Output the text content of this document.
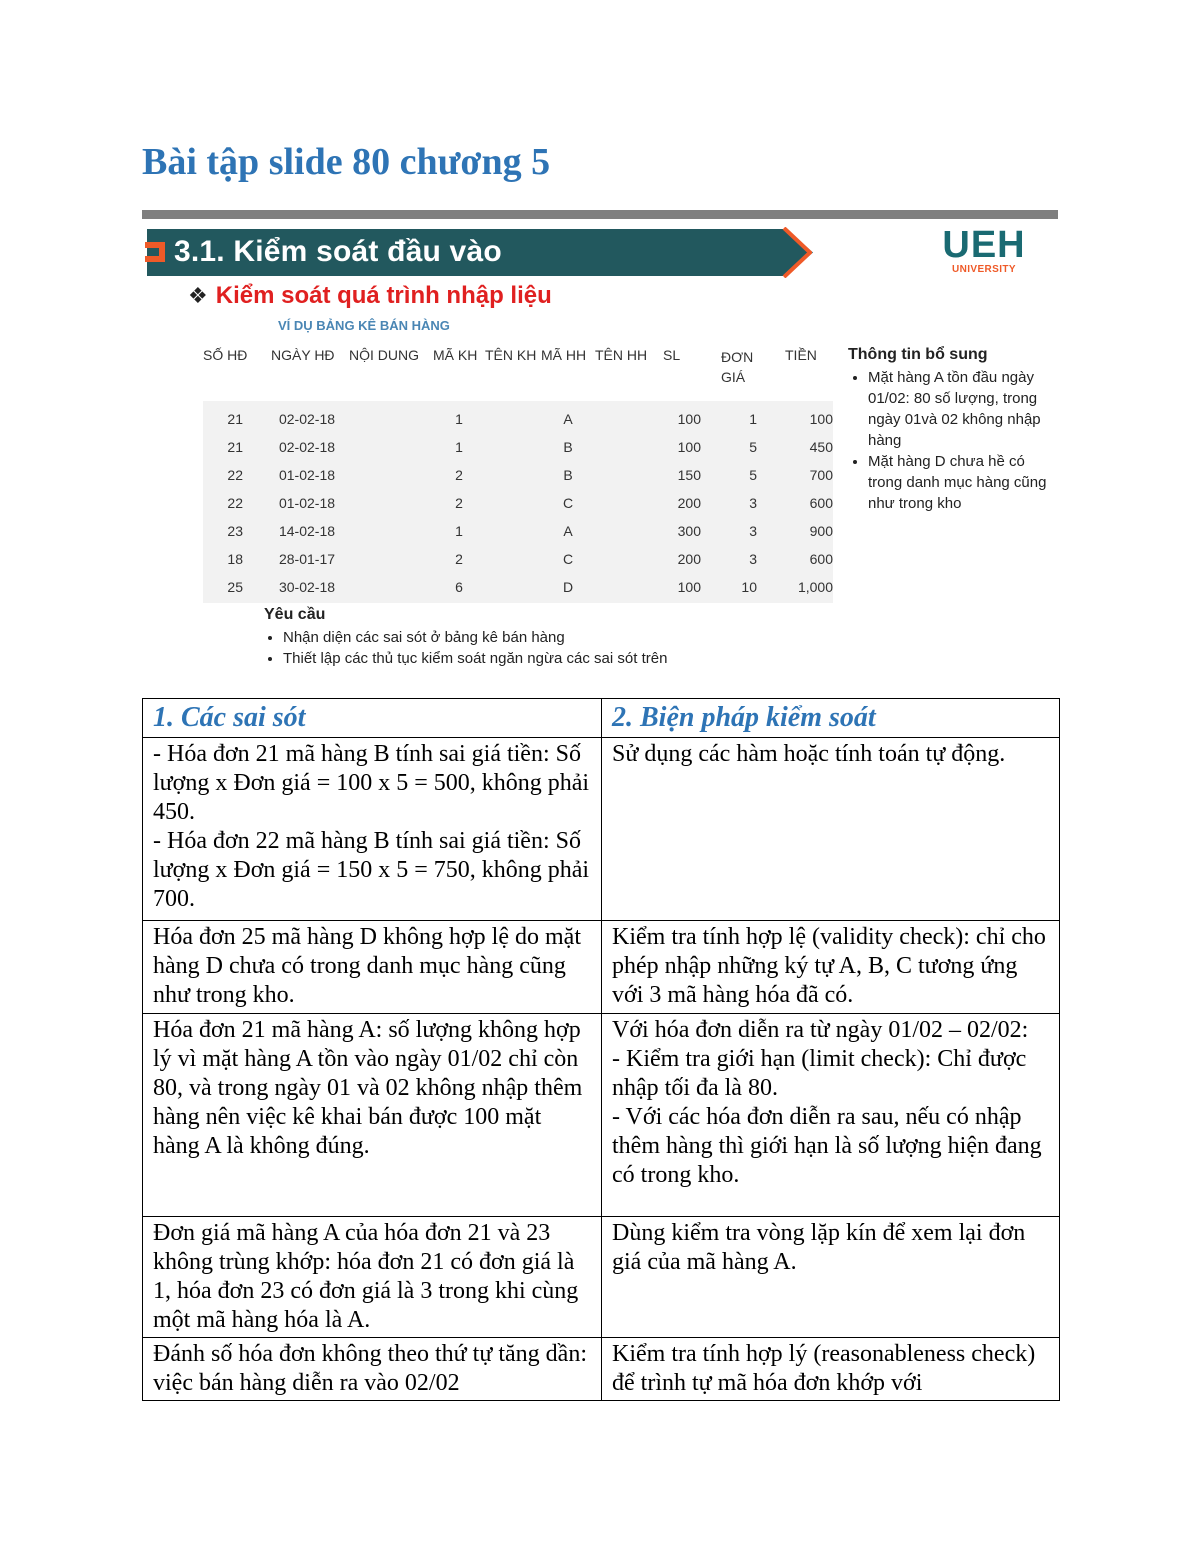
Bài tập slide 80 chương 5
3.1. Kiểm soát đầu vào	UEH
UNIVERSITY
❖ Kiểm soát quá trình nhập liệu
VÍ DỤ BẢNG KÊ BÁN HÀNG
SỐ HĐ	NGÀY HĐ	NỘI DUNG	MÃ KH	TÊN KH	MÃ HH	TÊN HH	SL	ĐƠN GIÁ	TIỀN
21	02-02-18		1		A		100	1	100
21	02-02-18		1		B		100	5	450
22	01-02-18		2		B		150	5	700
22	01-02-18		2		C		200	3	600
23	14-02-18		1		A		300	3	900
18	28-01-17		2		C		200	3	600
25	30-02-18		6		D		100	10	1,000
Thông tin bổ sung
• Mặt hàng A tồn đầu ngày 01/02: 80 số lượng, trong ngày 01và 02 không nhập hàng
• Mặt hàng D chưa hề có trong danh mục hàng cũng như trong kho
Yêu cầu
• Nhận diện các sai sót ở bảng kê bán hàng
• Thiết lập các thủ tục kiểm soát ngăn ngừa các sai sót trên
1. Các sai sót	2. Biện pháp kiểm soát

- Hóa đơn 21 mã hàng B tính sai giá tiền: Số lượng x Đơn giá = 100 x 5 = 500, không phải 450.
- Hóa đơn 22 mã hàng B tính sai giá tiền: Số lượng x Đơn giá = 150 x 5 = 750, không phải 700.	Sử dụng các hàm hoặc tính toán tự động.

Hóa đơn 25 mã hàng D không hợp lệ do mặt hàng D chưa có trong danh mục hàng cũng như trong kho.	Kiểm tra tính hợp lệ (validity check): chỉ cho phép nhập những ký tự A, B, C tương ứng với 3 mã hàng hóa đã có.

Hóa đơn 21 mã hàng A: số lượng không hợp lý vì mặt hàng A tồn vào ngày 01/02 chỉ còn 80, và trong ngày 01 và 02 không nhập thêm hàng nên việc kê khai bán được 100 mặt hàng A là không đúng.	Với hóa đơn diễn ra từ ngày 01/02 – 02/02:
- Kiểm tra giới hạn (limit check): Chỉ được nhập tối đa là 80.
- Với các hóa đơn diễn ra sau, nếu có nhập thêm hàng thì giới hạn là số lượng hiện đang có trong kho.

Đơn giá mã hàng A của hóa đơn 21 và 23 không trùng khớp: hóa đơn 21 có đơn giá là 1, hóa đơn 23 có đơn giá là 3 trong khi cùng một mã hàng hóa là A.	Dùng kiểm tra vòng lặp kín để xem lại đơn giá của mã hàng A.

Đánh số hóa đơn không theo thứ tự tăng dần: việc bán hàng diễn ra vào 02/02	Kiểm tra tính hợp lý (reasonableness check) để trình tự mã hóa đơn khớp với
